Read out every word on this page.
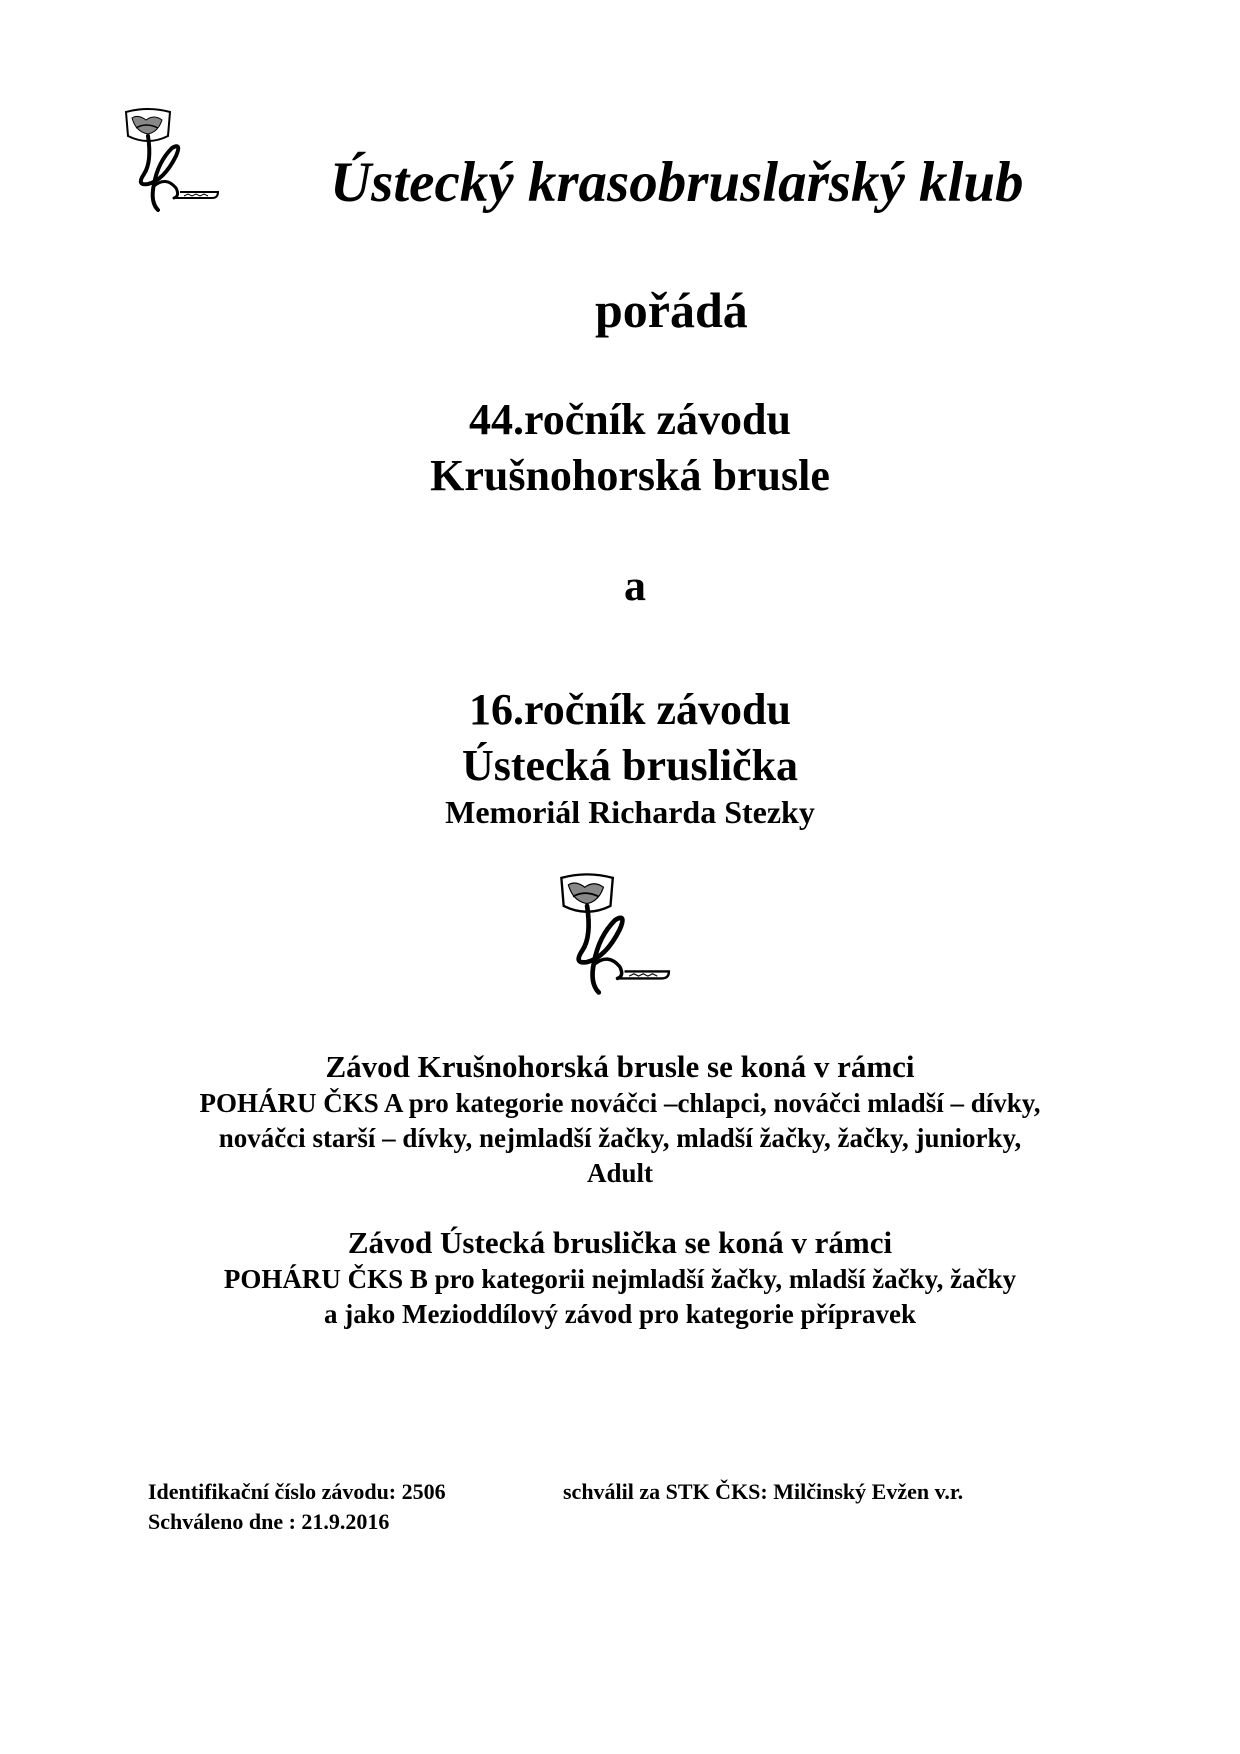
Ústecký krasobruslařský klub
pořádá
44.ročník závodu
Krušnohorská brusle
a
16.ročník závodu
Ústecká bruslička
Memoriál Richarda Stezky
Závod Krušnohorská brusle se koná v rámci
POHÁRU ČKS A pro kategorie nováčci –chlapci, nováčci mladší – dívky,
nováčci starší – dívky, nejmladší žačky, mladší žačky, žačky, juniorky,
Adult
Závod Ústecká bruslička se koná v rámci
POHÁRU ČKS B pro kategorii nejmladší žačky, mladší žačky, žačky
a jako Mezioddílový závod pro kategorie přípravek
Identifikační číslo závodu: 2506
Schváleno dne : 21.9.2016
schválil za STK ČKS: Milčinský Evžen v.r.
